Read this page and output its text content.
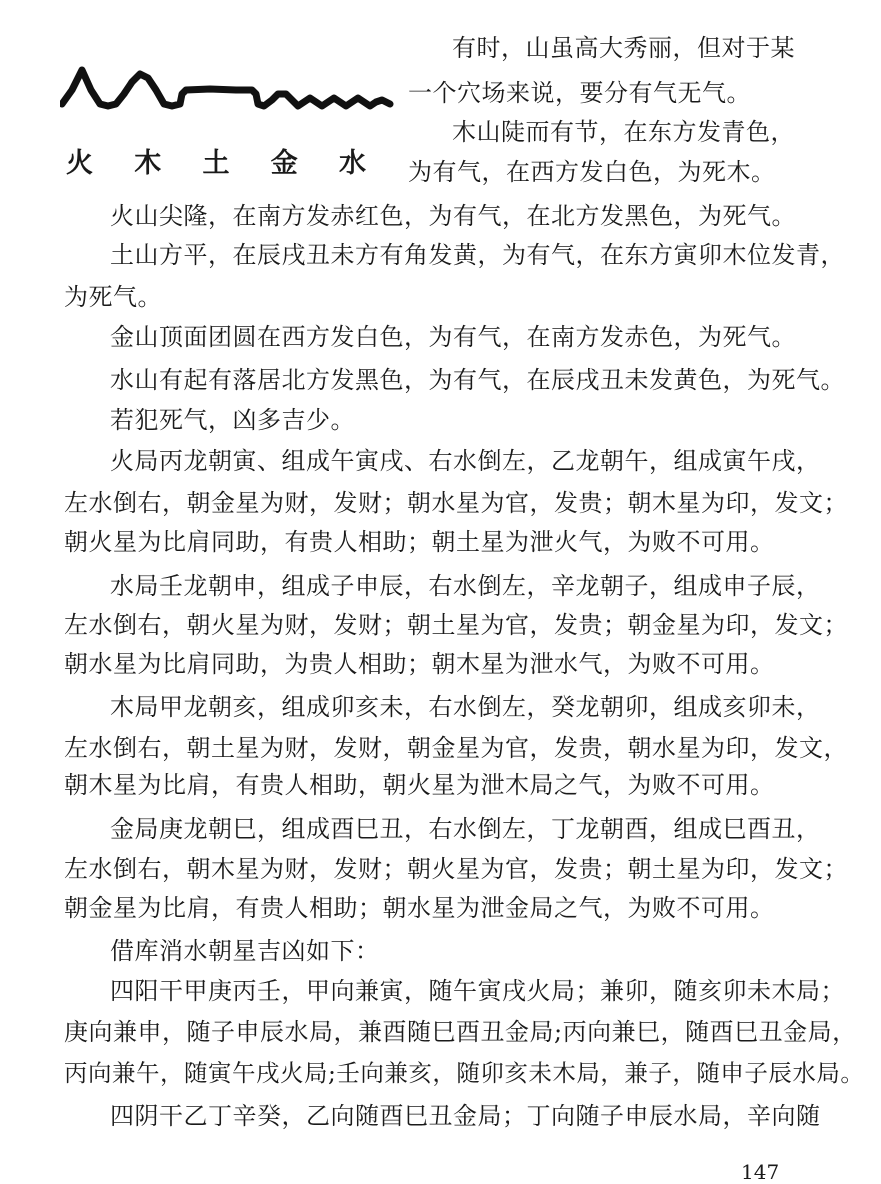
火 木 土 金 水
有时，山虽高大秀丽，但对于某
一个穴场来说，要分有气无气。
木山陡而有节，在东方发青色，
为有气，在西方发白色，为死木。
火山尖隆，在南方发赤红色，为有气，在北方发黑色，为死气。
土山方平，在辰戌丑未方有角发黄，为有气，在东方寅卯木位发青，
为死气。
金山顶面团圆在西方发白色，为有气，在南方发赤色，为死气。
水山有起有落居北方发黑色，为有气，在辰戌丑未发黄色，为死气。
若犯死气，凶多吉少。
火局丙龙朝寅、组成午寅戌、右水倒左，乙龙朝午，组成寅午戌，
左水倒右，朝金星为财，发财；朝水星为官，发贵；朝木星为印，发文；
朝火星为比肩同助，有贵人相助；朝土星为泄火气，为败不可用。
水局壬龙朝申，组成子申辰，右水倒左，辛龙朝子，组成申子辰，
左水倒右，朝火星为财，发财；朝土星为官，发贵；朝金星为印，发文；
朝水星为比肩同助，为贵人相助；朝木星为泄水气，为败不可用。
木局甲龙朝亥，组成卯亥未，右水倒左，癸龙朝卯，组成亥卯未，
左水倒右，朝土星为财，发财，朝金星为官，发贵，朝水星为印，发文，
朝木星为比肩，有贵人相助，朝火星为泄木局之气，为败不可用。
金局庚龙朝巳，组成酉巳丑，右水倒左，丁龙朝酉，组成巳酉丑，
左水倒右，朝木星为财，发财；朝火星为官，发贵；朝土星为印，发文；
朝金星为比肩，有贵人相助；朝水星为泄金局之气，为败不可用。
借库消水朝星吉凶如下：
四阳干甲庚丙壬，甲向兼寅，随午寅戌火局；兼卯，随亥卯未木局；
庚向兼申，随子申辰水局，兼酉随巳酉丑金局;丙向兼巳，随酉巳丑金局，
丙向兼午，随寅午戌火局;壬向兼亥，随卯亥未木局，兼子，随申子辰水局。
四阴干乙丁辛癸，乙向随酉巳丑金局；丁向随子申辰水局，辛向随
147
